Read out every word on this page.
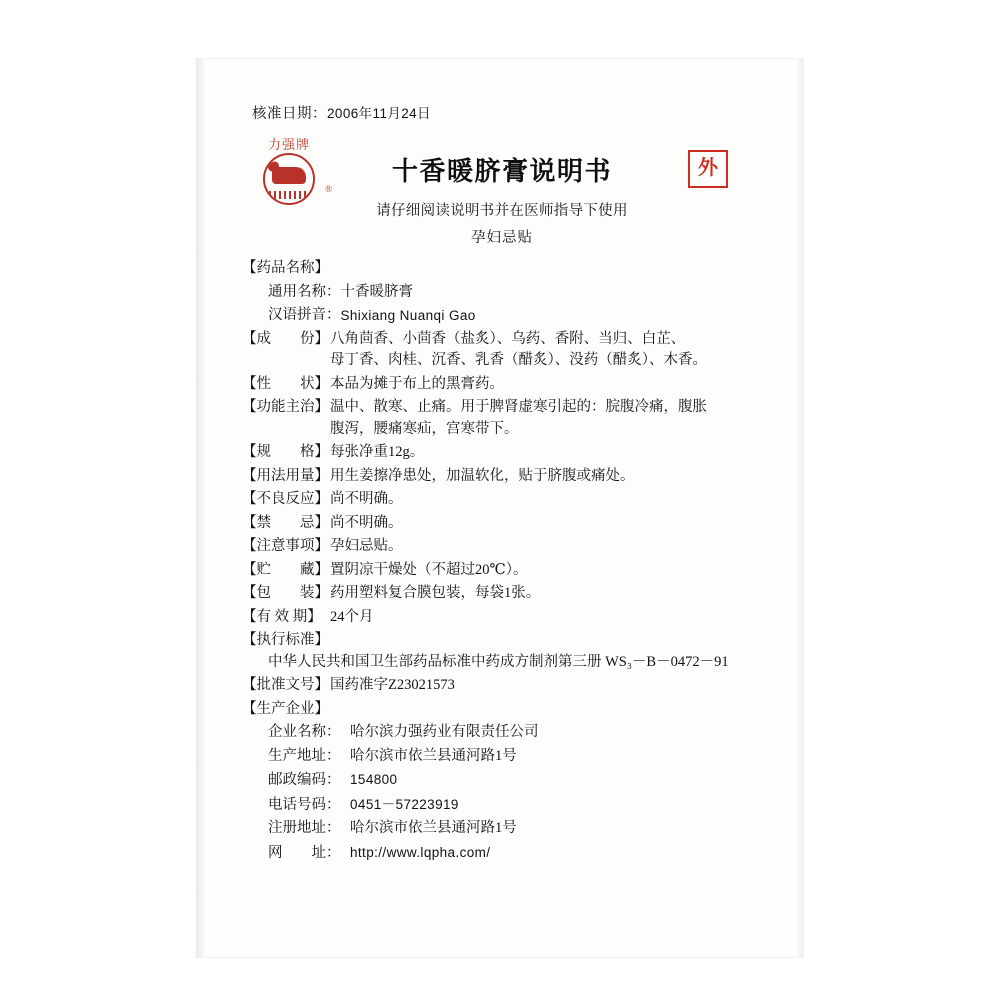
力强牌
®
外
核准日期：2006年11月24日
十香暖脐膏说明书
请仔细阅读说明书并在医师指导下使用
孕妇忌贴
【药品名称】
通用名称： 十香暖脐膏
汉语拼音： Shixiang Nuanqi Gao
【成　　份】 八角茴香、小茴香（盐炙）、乌药、香附、当归、白芷、
母丁香、肉桂、沉香、乳香（醋炙）、没药（醋炙）、木香。
【性　　状】 本品为摊于布上的黑膏药。
【功能主治】 温中、散寒、止痛。用于脾肾虚寒引起的：脘腹冷痛，腹胀
腹泻，腰痛寒疝，宫寒带下。
【规　　格】 每张净重12g。
【用法用量】 用生姜擦净患处，加温软化，贴于脐腹或痛处。
【不良反应】 尚不明确。
【禁　　忌】 尚不明确。
【注意事项】 孕妇忌贴。
【贮　　藏】 置阴凉干燥处（不超过20℃）。
【包　　装】 药用塑料复合膜包装，每袋1张。
【有 效 期】 24个月
【执行标准】
中华人民共和国卫生部药品标准中药成方制剂第三册 WS₃－B－0472－91
【批准文号】 国药准字Z23021573
【生产企业】
企业名称： 哈尔滨力强药业有限责任公司
生产地址： 哈尔滨市依兰县通河路1号
邮政编码： 154800
电话号码： 0451－57223919
注册地址： 哈尔滨市依兰县通河路1号
网　　址： http://www.lqpha.com/
